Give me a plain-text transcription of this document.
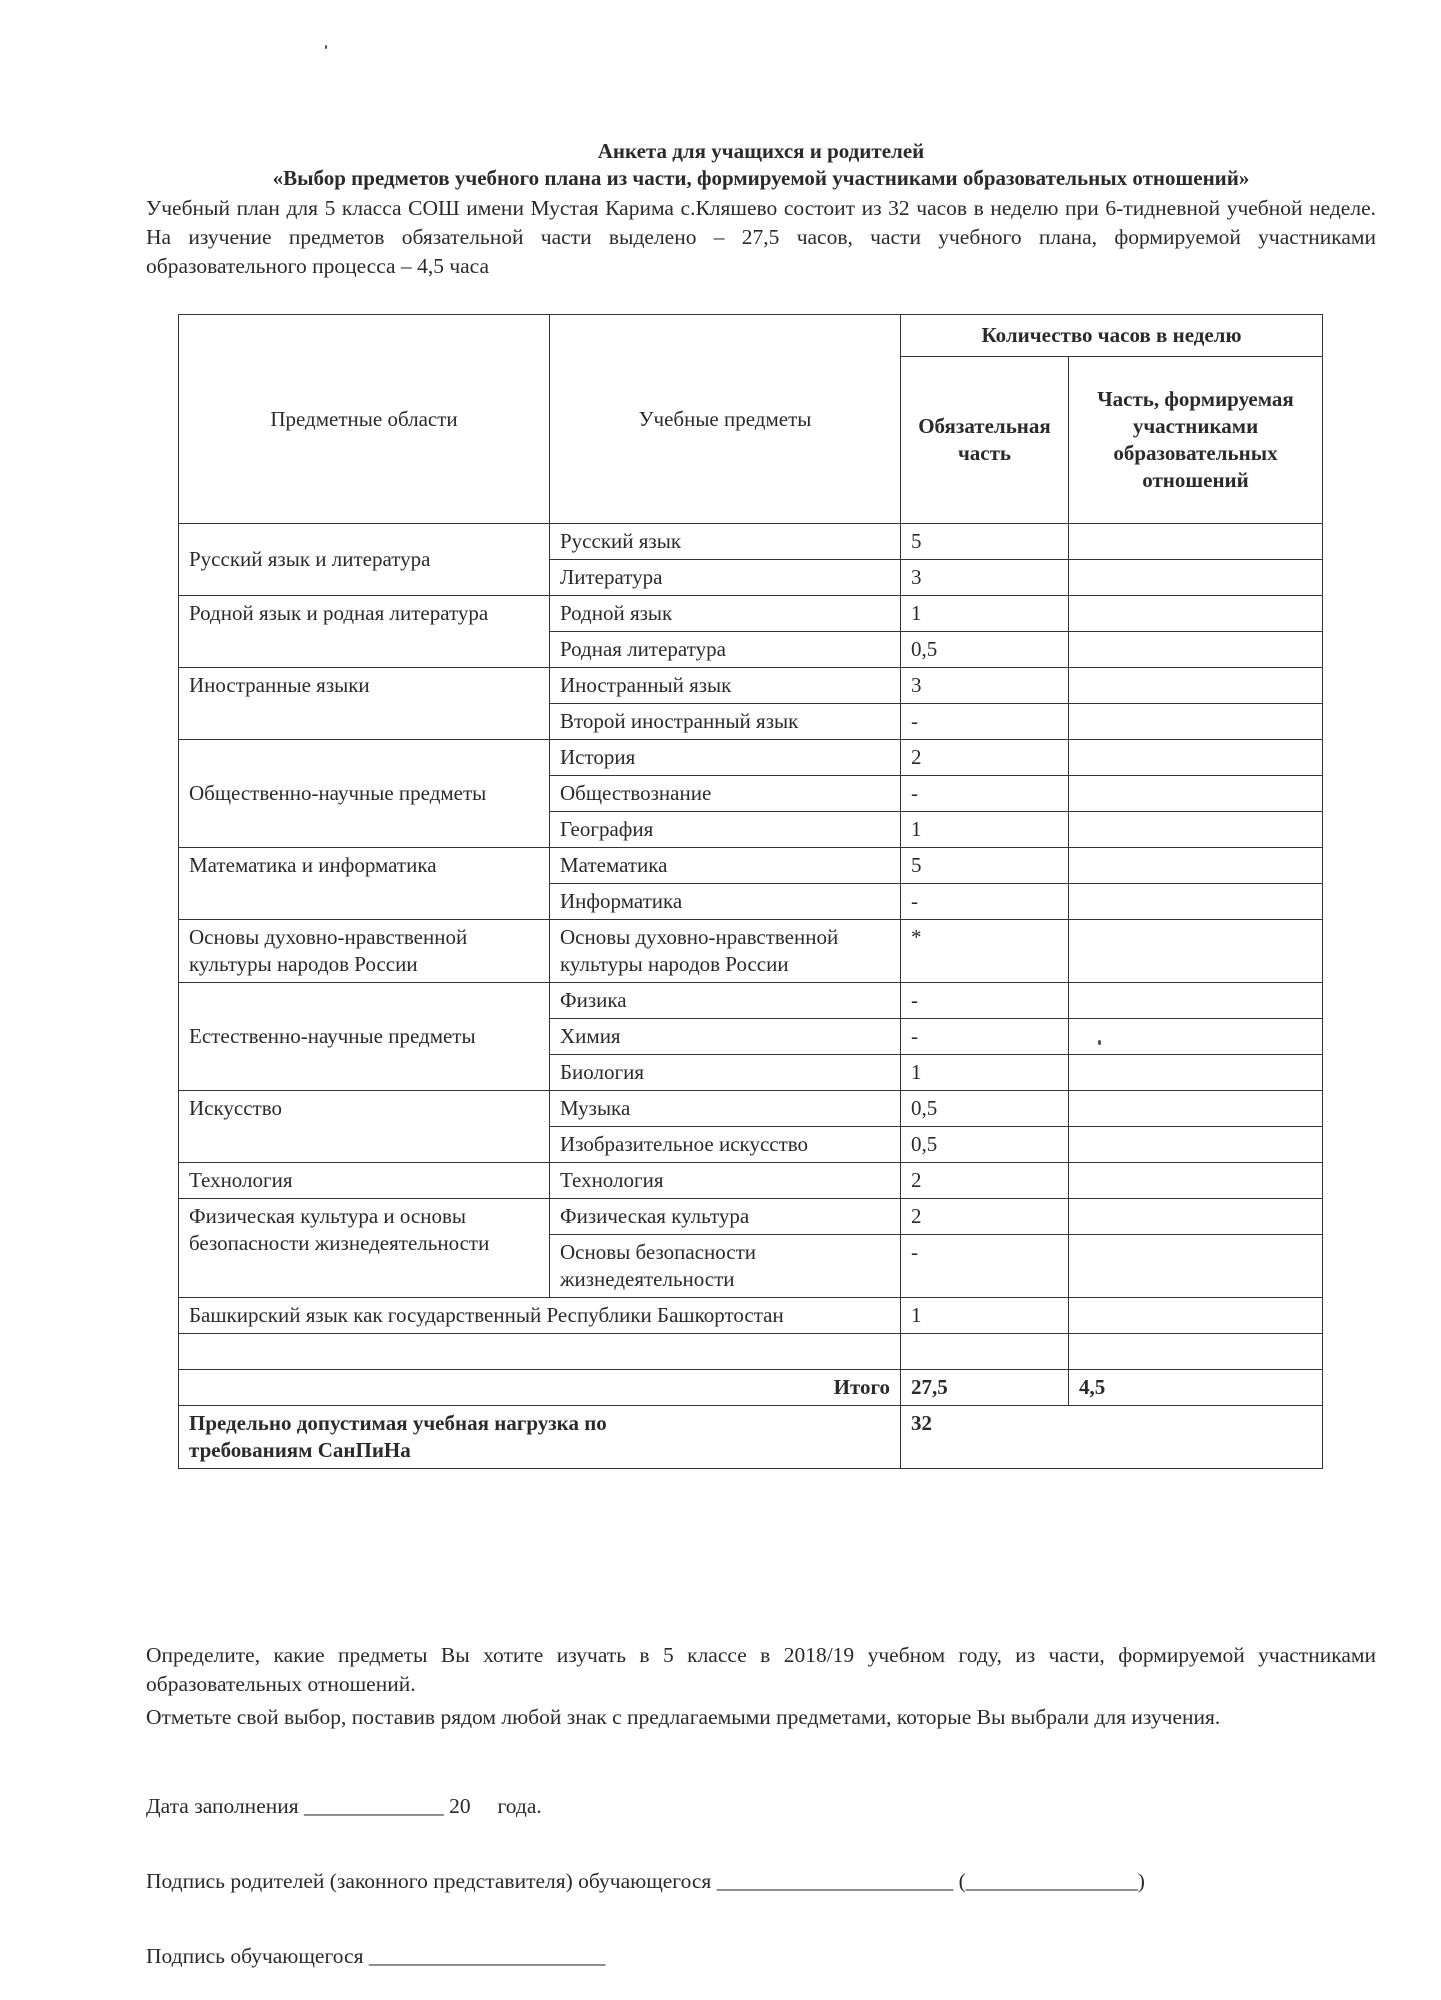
Анкета для учащихся и родителей
«Выбор предметов учебного плана из части, формируемой участниками образовательных отношений»
Учебный план для 5 класса СОШ имени Мустая Карима с.Кляшево состоит из 32 часов в неделю при 6-тидневной учебной неделе. На изучение предметов обязательной части выделено – 27,5 часов, части учебного плана, формируемой участниками образовательного процесса – 4,5 часа
Предметные области	Учебные предметы	Количество часов в неделю	
		Обязательная часть	Часть, формируемая участниками образовательных отношений
Русский язык и литература	Русский язык	5	
	Литература	3	
Родной язык и родная литература	Родной язык	1	
	Родная литература	0,5	
Иностранные языки	Иностранный язык	3	
	Второй иностранный язык	-	
Общественно-научные предметы	История	2	
	Обществознание	-	
	География	1	
Математика и информатика	Математика	5	
	Информатика	-	
Основы духовно-нравственной культуры народов России	Основы духовно-нравственной культуры народов России	*	
Естественно-научные предметы	Физика	-	
	Химия	-	
	Биология	1	
Искусство	Музыка	0,5	
	Изобразительное искусство	0,5	
Технология	Технология	2	
Физическая культура и основы безопасности жизнедеятельности	Физическая культура	2	
	Основы безопасности жизнедеятельности	-	
Башкирский язык как государственный Республики Башкортостан		1	

Итого		27,5	4,5

Предельно допустимая учебная нагрузка по требованиям СанПиНа		32	
Определите, какие предметы Вы хотите изучать в 5 классе в 2018/19 учебном году, из части, формируемой участниками образовательных отношений.
Отметьте свой выбор, поставив рядом любой знак с предлагаемыми предметами, которые Вы выбрали для изучения.
Дата заполнения _____________ 20 года.
Подпись родителей (законного представителя) обучающегося ______________________ (________________)
Подпись обучающегося ______________________
